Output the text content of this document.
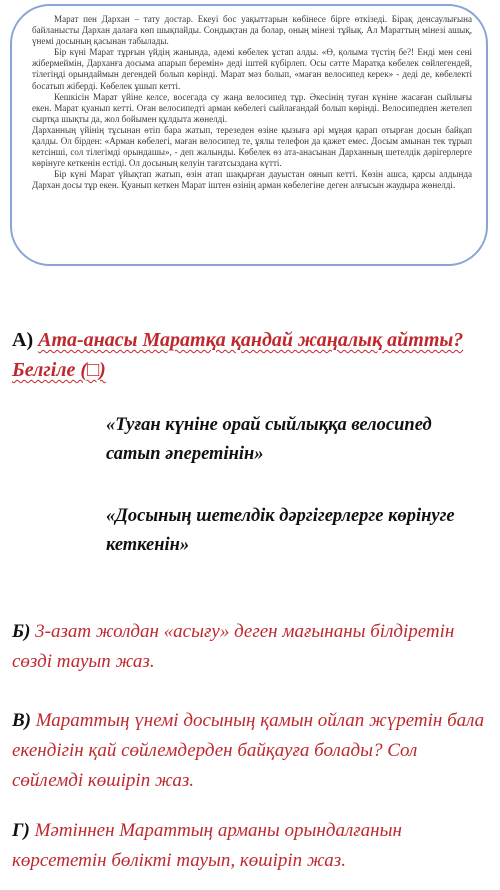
Марат пен Дархан – тату достар. Екеуі бос уақыттарын көбінесе бірге өткізеді. Бірақ денсаулығына байланысты Дархан далаға көп шықпайды. Сондықтан да болар, оның мінезі тұйық. Ал Мараттың мінезі ашық, үнемі досының қасынан табылады.

Бір күні Марат тұрғын үйдің жанында, әдемі көбелек ұстап алды. «Ө, қолыма түстің бе?! Енді мен сені жібермеймін, Дарханға досыма апарып беремін» деді іштей күбірлеп. Осы сәтте Маратқа көбелек сөйлегендей, тілегіңді орындаймын дегендей болып көрінді. Марат мәз болып, «маған велосипед керек» - деді де, көбелекті босатып жіберді. Көбелек ұшып кетті.

Кешкісін Марат үйіне келсе, восегада су жаңа велосипед тұр. Әкесінің туған күніне жасаған сыйлығы екен. Марат қуанып кетті. Оған велосипедті арман көбелегі сыйлағандай болып көрінді. Велосипедпен жетелеп сыртқа шықты да, жол бойымен құлдыта жөнелді.

Дарханның үйінің тұсынан өтіп бара жатып, терезеден өзіне қызыға әрі мұңая қарап отырған досын байқап қалды. Ол бірден: «Арман көбелегі, маған велосипед те, ұялы телефон да қажет емес. Досым амынан тек тұрып кетсінші, сол тілегімді орындашы», - деп жалынды. Көбелек өз ата-анасынан Дарханның шетелдік дәрігерлерге көрінуге кеткенін естіді. Ол досының келуін тағатсыздана күтті.

Бір күні Марат үйықтап жатып, өзін атап шақырған дауыстан оянып кетті. Көзін ашса, қарсы алдында Дархан досы тұр екен. Қуанып кеткен Марат іштен өзінің арман көбелегіне деген алғысын жаудыра жөнелді.

А) Ата-анасы Маратқа қандай жаңалық айтты? Белгіле (□)
«Туған күніне орай сыйлыққа велосипед сатып әперетінін»
«Досының шетелдік дәргігерлерге көрінуге кеткенін»
Б) 3-азат жолдан «асығу» деген мағынаны білдіретін сөзді тауып жаз.
В) Мараттың үнемі досының қамын ойлап жүретін бала екендігін қай сөйлемдерден байқауға болады? Сол сөйлемді көшіріп жаз.
Г) Мәтіннен Мараттың арманы орындалғанын көрсететін бөлікті тауып, көшіріп жаз.
